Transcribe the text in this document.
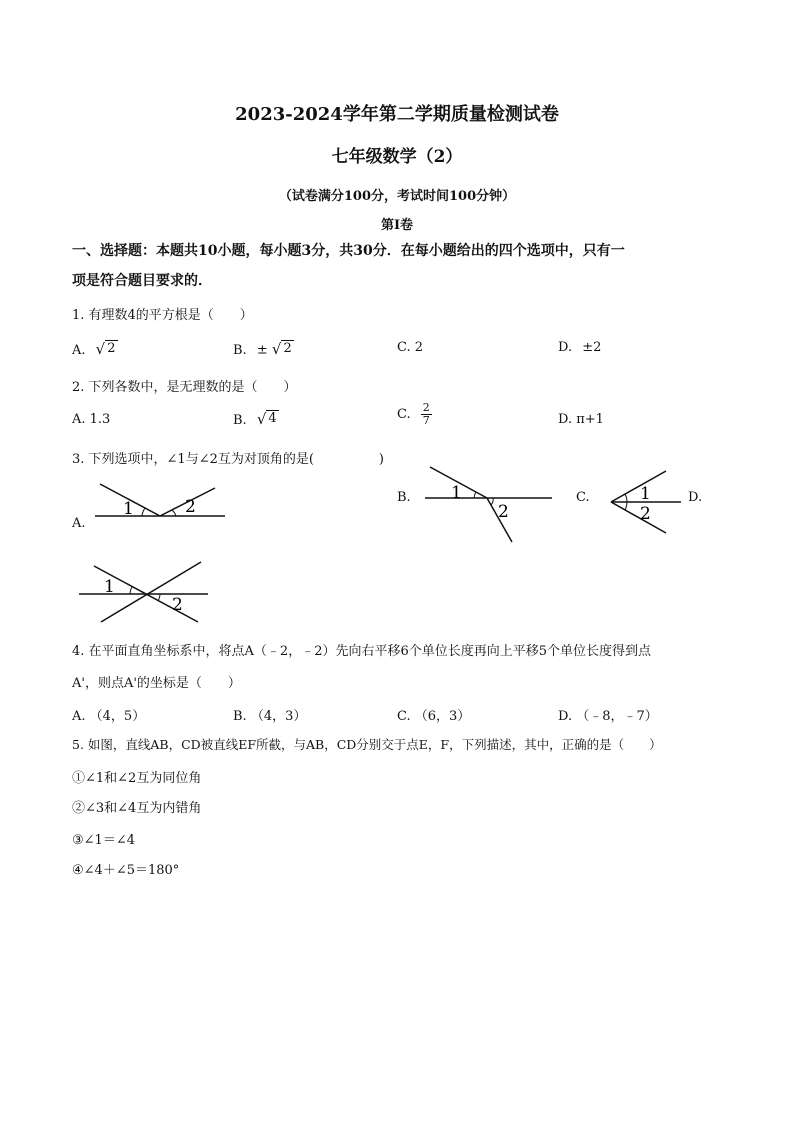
2023-2024学年第二学期质量检测试卷
七年级数学（2）
（试卷满分100分，考试时间100分钟）
第I卷
一、选择题：本题共10小题，每小题3分，共30分．在每小题给出的四个选项中，只有一
项是符合题目要求的．
1. 有理数4的平方根是（　　）
A. √ 2	B. ± √ 2	C. 2	D. ±2
2. 下列各数中，是无理数的是（　　）
A. 1.3	B. √ 4	C. $\frac{2}{7}$	D. π+1
3. 下列选项中，∠1与∠2互为对顶角的是(　　　　　)
A.
1	2	B. 1
2
C.	1
2
D.
1
2
4. 在平面直角坐标系中，将点A（﹣2，﹣2）先向右平移6个单位长度再向上平移5个单位长度得到点
A'，则点A'的坐标是（　　）
A. （4，5）	B. （4，3）	C. （6，3）	D. （﹣8，﹣7）
5. 如图，直线AB，CD被直线EF所截，与AB，CD分别交于点E，F，下列描述，其中，正确的是（　　）
①∠1和∠2互为同位角
②∠3和∠4互为内错角
③∠1＝∠4
④∠4＋∠5＝180°
